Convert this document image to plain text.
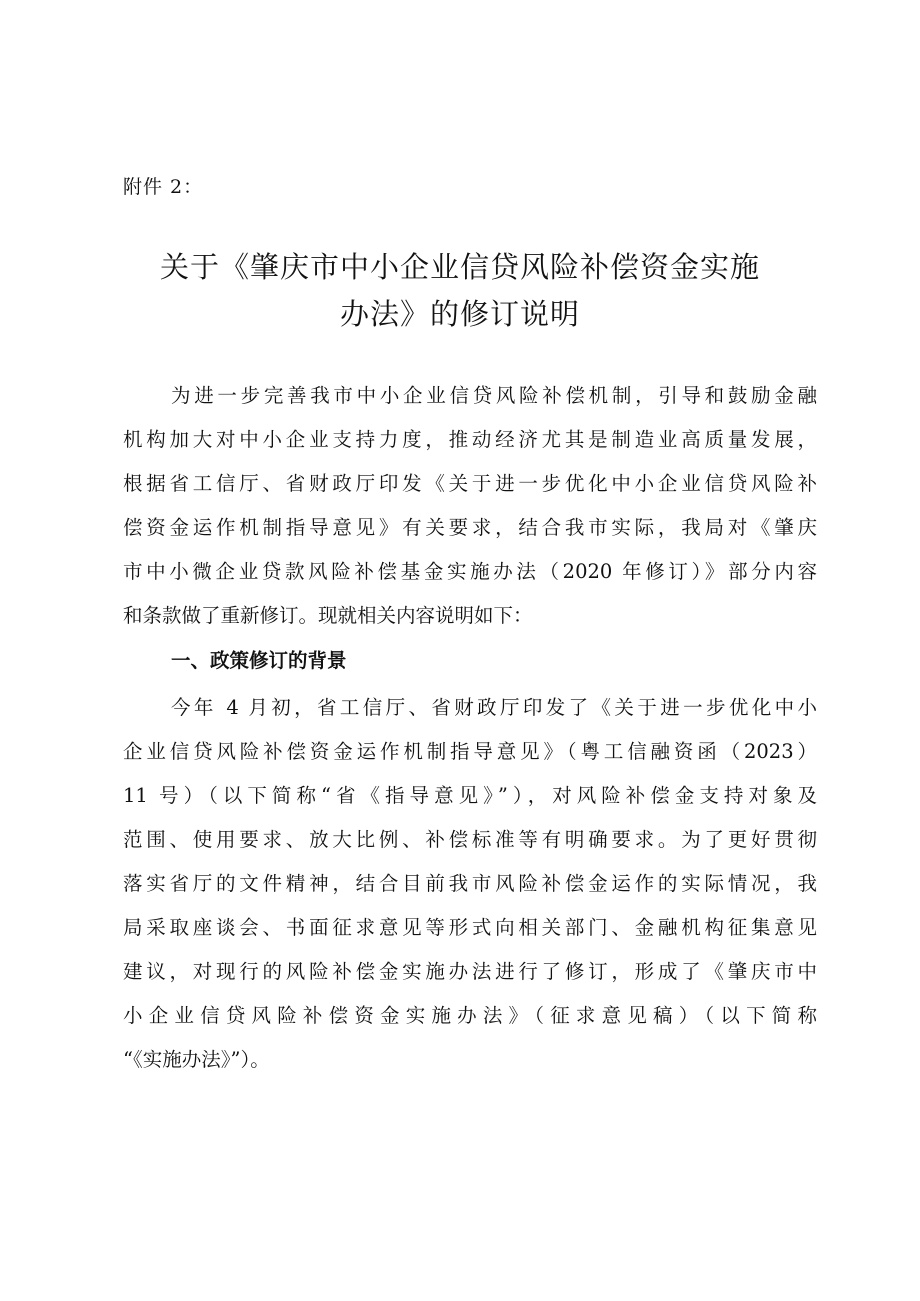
附件 2：
关于《肇庆市中小企业信贷风险补偿资金实施
办法》的修订说明
为进一步完善我市中小企业信贷风险补偿机制，引导和鼓励金融
机构加大对中小企业支持力度，推动经济尤其是制造业高质量发展，
根据省工信厅、省财政厅印发《关于进一步优化中小企业信贷风险补
偿资金运作机制指导意见》有关要求，结合我市实际，我局对《肇庆
市中小微企业贷款风险补偿基金实施办法（2020 年修订）》部分内容
和条款做了重新修订。现就相关内容说明如下：
一、政策修订的背景
今年 4 月初，省工信厅、省财政厅印发了《关于进一步优化中小
企业信贷风险补偿资金运作机制指导意见》（粤工信融资函（2023）
11 号）（以下简称“省《指导意见》”），对风险补偿金支持对象及
范围、使用要求、放大比例、补偿标准等有明确要求。为了更好贯彻
落实省厅的文件精神，结合目前我市风险补偿金运作的实际情况，我
局采取座谈会、书面征求意见等形式向相关部门、金融机构征集意见
建议，对现行的风险补偿金实施办法进行了修订，形成了《肇庆市中
小企业信贷风险补偿资金实施办法》（征求意见稿）（以下简称
“《实施办法》”）。
